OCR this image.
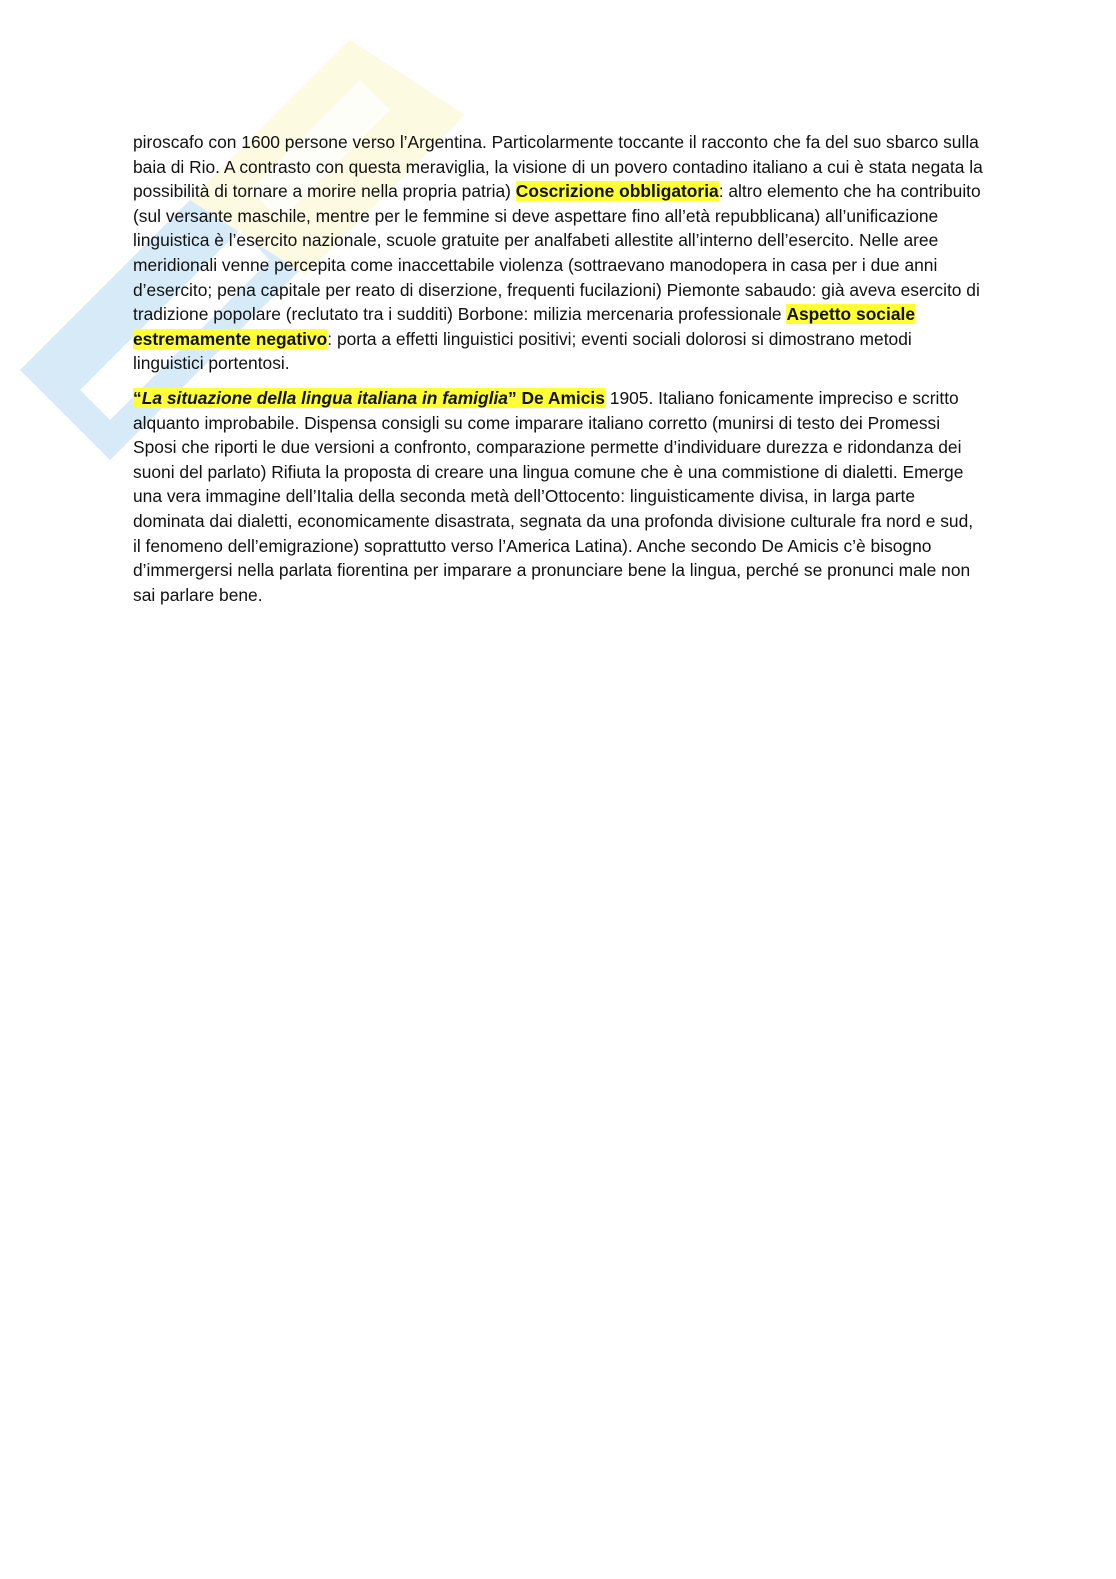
piroscafo con 1600 persone verso l’Argentina. Particolarmente toccante il racconto che fa del suo sbarco sulla baia di Rio. A contrasto con questa meraviglia, la visione di un povero contadino italiano a cui è stata negata la possibilità di tornare a morire nella propria patria) Coscrizione obbligatoria: altro elemento che ha contribuito (sul versante maschile, mentre per le femmine si deve aspettare fino all’età repubblicana) all’unificazione linguistica è l’esercito nazionale, scuole gratuite per analfabeti allestite all’interno dell’esercito. Nelle aree meridionali venne percepita come inaccettabile violenza (sottraevano manodopera in casa per i due anni d’esercito; pena capitale per reato di diserzione, frequenti fucilazioni) Piemonte sabaudo: già aveva esercito di tradizione popolare (reclutato tra i sudditi) Borbone: milizia mercenaria professionale Aspetto sociale estremamente negativo: porta a effetti linguistici positivi; eventi sociali dolorosi si dimostrano metodi linguistici portentosi.

“La situazione della lingua italiana in famiglia” De Amicis 1905. Italiano fonicamente impreciso e scritto alquanto improbabile. Dispensa consigli su come imparare italiano corretto (munirsi di testo dei Promessi Sposi che riporti le due versioni a confronto, comparazione permette d’individuare durezza e ridondanza dei suoni del parlato) Rifiuta la proposta di creare una lingua comune che è una commistione di dialetti. Emerge una vera immagine dell’Italia della seconda metà dell’Ottocento: linguisticamente divisa, in larga parte dominata dai dialetti, economicamente disastrata, segnata da una profonda divisione culturale fra nord e sud, il fenomeno dell’emigrazione) soprattutto verso l’America Latina). Anche secondo De Amicis c’è bisogno d’immergersi nella parlata fiorentina per imparare a pronunciare bene la lingua, perché se pronunci male non sai parlare bene.
